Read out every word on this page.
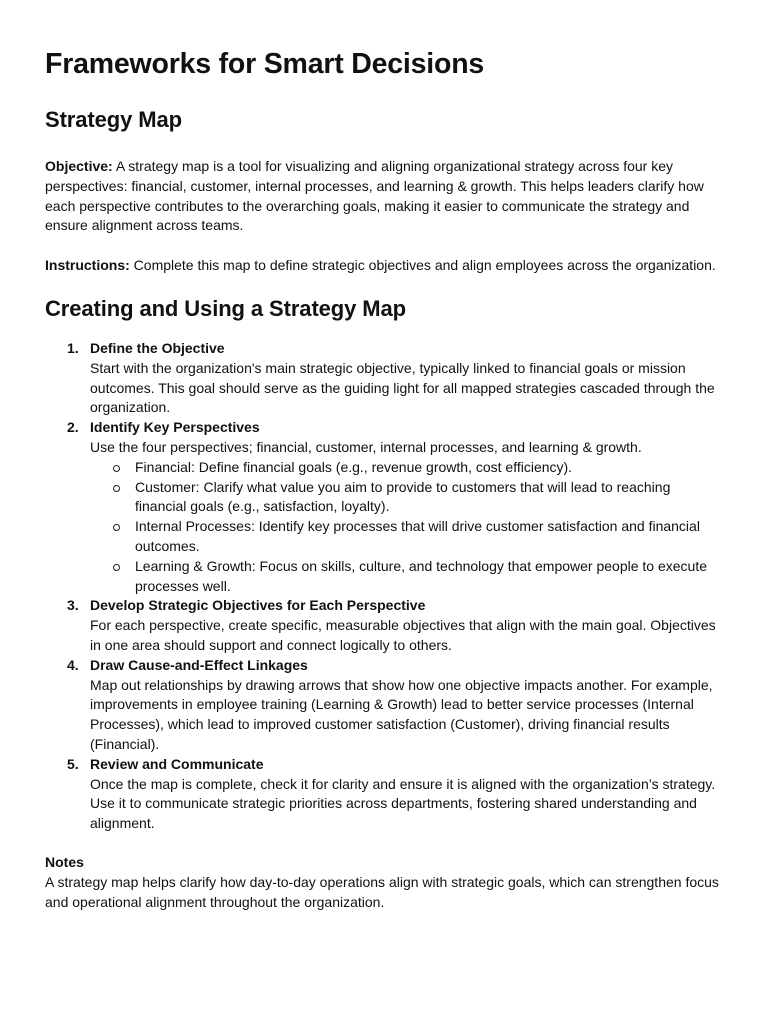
Frameworks for Smart Decisions
Strategy Map

Objective: A strategy map is a tool for visualizing and aligning organizational strategy across four key perspectives: financial, customer, internal processes, and learning & growth. This helps leaders clarify how each perspective contributes to the overarching goals, making it easier to communicate the strategy and ensure alignment across teams.

Instructions: Complete this map to define strategic objectives and align employees across the organization.

Creating and Using a Strategy Map
1. Define the Objective
Start with the organization's main strategic objective, typically linked to financial goals or mission outcomes. This goal should serve as the guiding light for all mapped strategies cascaded through the organization.
2. Identify Key Perspectives
Use the four perspectives; financial, customer, internal processes, and learning & growth.
Financial: Define financial goals (e.g., revenue growth, cost efficiency).
Customer: Clarify what value you aim to provide to customers that will lead to reaching financial goals (e.g., satisfaction, loyalty).
Internal Processes: Identify key processes that will drive customer satisfaction and financial outcomes.
Learning & Growth: Focus on skills, culture, and technology that empower people to execute processes well.
3. Develop Strategic Objectives for Each Perspective
For each perspective, create specific, measurable objectives that align with the main goal. Objectives in one area should support and connect logically to others.
4. Draw Cause-and-Effect Linkages
Map out relationships by drawing arrows that show how one objective impacts another. For example, improvements in employee training (Learning & Growth) lead to better service processes (Internal Processes), which lead to improved customer satisfaction (Customer), driving financial results (Financial).
5. Review and Communicate
Once the map is complete, check it for clarity and ensure it is aligned with the organization’s strategy. Use it to communicate strategic priorities across departments, fostering shared understanding and alignment.

Notes

A strategy map helps clarify how day-to-day operations align with strategic goals, which can strengthen focus and operational alignment throughout the organization.
